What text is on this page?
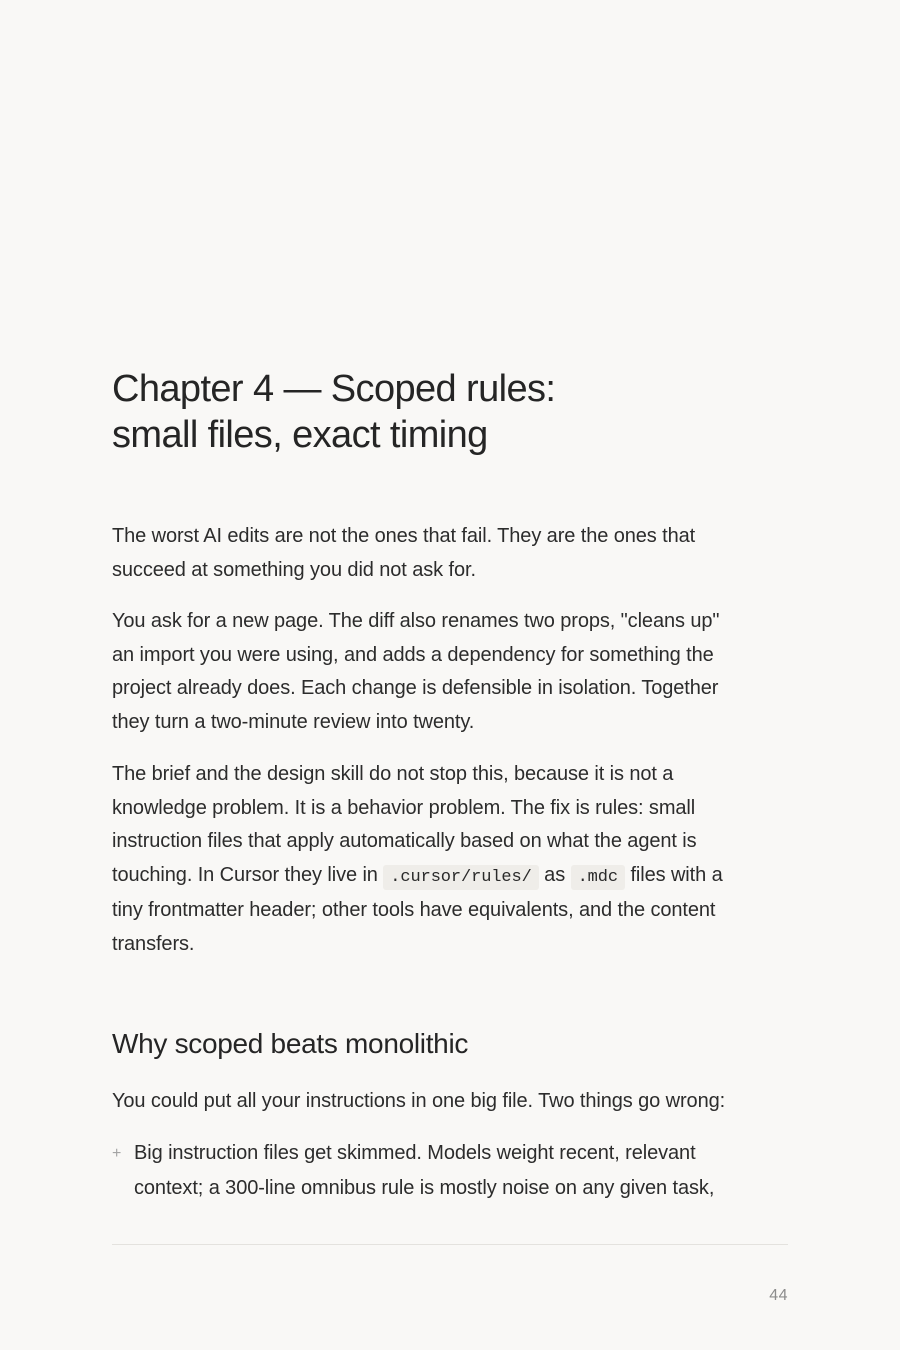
Chapter 4 — Scoped rules:
small files, exact timing

The worst AI edits are not the ones that fail. They are the ones that
succeed at something you did not ask for.

You ask for a new page. The diff also renames two props, "cleans up"
an import you were using, and adds a dependency for something the
project already does. Each change is defensible in isolation. Together
they turn a two-minute review into twenty.

The brief and the design skill do not stop this, because it is not a
knowledge problem. It is a behavior problem. The fix is rules: small
instruction files that apply automatically based on what the agent is
touching. In Cursor they live in .cursor/rules/ as .mdc files with a
tiny frontmatter header; other tools have equivalents, and the content
transfers.

Why scoped beats monolithic

You could put all your instructions in one big file. Two things go wrong:

+ Big instruction files get skimmed. Models weight recent, relevant
context; a 300-line omnibus rule is mostly noise on any given task,
44
